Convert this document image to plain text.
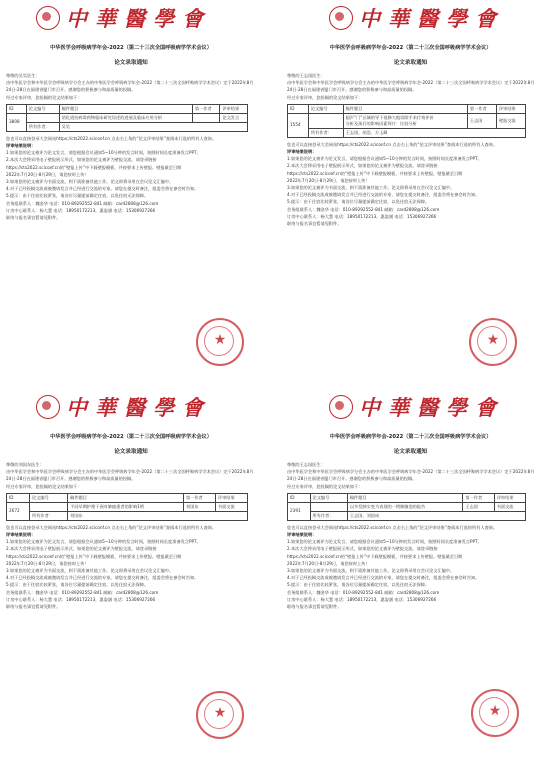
中華醫學會
中华医学会呼吸病学年会-2022（第二十三次全国呼吸病学学术会议）
论文录取通知

尊敬的吴昊医生：

由中华医学会和中华医学会呼吸病学分会主办的中华医学会呼吸病学年会-2022（第二十三次全国呼吸病学学术会议）定于2022年8月24日-28日在福建省厦门市召开。感谢您的积极参与和高质量的投稿。

经过专家评审，您投稿的论文结果如下：

ID	论文编号	稿件题目	第一作者	评审结果
3808		消化道抗病毒药物临床研究综述的进展及临床应用分析		论文发言
	所有作者：	吴昊		

您也可以直接登录大会网站https://cts2022.sciconf.cn 点击右上角的“论文评审结果”查阅本行选的所有人查询。

评审结果说明：

1.如果您的论文被评为论文发言，请您根据会议通知5~10分钟的发言时间，按照时间长度准备发言PPT。

2.本次大会将采用电子壁报展示形式，如果您的论文被评为壁报交流，请登录链接

https://cts2022.sciconf.cn的“壁报上传”中下载壁报模板，并按要求上传壁报。壁报截至日期

2022年7月20日-8月29日，请您按时上传！

3.如果您的论文被评为书面交流，则不需准备其他工作。论文即将录用在会议论文汇编中。

4.对于已经投稿交流或被邀请发言并已经进行交流的专家，请您在提交时备注，组委会将在参会时告知。

5.提示：由于住宿比较紧张，请各位尽量提前确定住宿，以免住宿无法保障。

会务组联系人：魏金华 电话：010-89292552-841 邮箱：card2808@126.com

订房中心联系人：杨大慧 电话：18950172213，惠姿涵 电话：15306927266

联络与报名事宜暂请见附件。

★
中華醫學會
中华医学会呼吸病学年会-2022（第二十三次全国呼吸病学学术会议）
论文录取通知

尊敬的王志国医生：

由中华医学会和中华医学会呼吸病学分会主办的中华医学会呼吸病学年会-2022（第二十三次全国呼吸病学学术会议）定于2022年8月24日-28日在福建省厦门市召开。感谢您的积极参与和高质量的投稿。

经过专家评审，您投稿的论文结果如下：

ID	论文编号	稿件题目	第一作者	评审结果
1554		超声“门”区域的导下视肺大疱切除手术疗效评价
分析及预后的影响因素探讨：比较分析	王志国	壁报交流
	所有作者：	王志国、胡浩、方玉峰		

您也可以直接登录大会网站https://cts2022.sciconf.cn 点击右上角的“论文评审结果”查阅本行选的所有人查询。

评审结果说明：

1.如果您的论文被评为论文发言，请您根据会议通知5~10分钟的发言时间，按照时间长度准备发言PPT。

2.本次大会将采用电子壁报展示形式，如果您的论文被评为壁报交流，请登录链接

https://cts2022.sciconf.cn的“壁报上传”中下载壁报模板，并按要求上传壁报。壁报截至日期

2022年7月20日-8月29日，请您按时上传！

3.如果您的论文被评为书面交流，则不需准备其他工作。论文即将录用在会议论文汇编中。

4.对于已经投稿交流或被邀请发言并已经进行交流的专家，请您在提交时备注，组委会将在参会时告知。

5.提示：由于住宿比较紧张，请各位尽量提前确定住宿，以免住宿无法保障。

会务组联系人：魏金华 电话：010-89292552-841 邮箱：card2808@126.com

订房中心联系人：杨大慧 电话：18950172213，惠姿涵 电话：15306927266

联络与报名事宜暂请见附件。

★
中華醫學會
中华医学会呼吸病学年会-2022（第二十三次全国呼吸病学学术会议）
论文录取通知

尊敬的刘国东医生：

由中华医学会和中华医学会呼吸病学分会主办的中华医学会呼吸病学年会-2022（第二十三次全国呼吸病学学术会议）定于2022年8月24日-28日在福建省厦门市召开。感谢您的积极参与和高质量的投稿。

经过专家评审，您投稿的论文结果如下：

ID	论文编号	稿件题目	第一作者	评审结果
2672		不同早期护理干预对肺癌患者的影响1例	刘国东	书面交流
	所有作者：	刘国东		

您也可以直接登录大会网站https://cts2022.sciconf.cn 点击右上角的“论文评审结果”查阅本行选的所有人查询。

评审结果说明：

1.如果您的论文被评为论文发言，请您根据会议通知5~10分钟的发言时间，按照时间长度准备发言PPT。

2.本次大会将采用电子壁报展示形式，如果您的论文被评为壁报交流，请登录链接

https://cts2022.sciconf.cn的“壁报上传”中下载壁报模板，并按要求上传壁报。壁报截至日期

2022年7月20日-8月29日，请您按时上传！

3.如果您的论文被评为书面交流，则不需准备其他工作。论文即将录用在会议论文汇编中。

4.对于已经投稿交流或被邀请发言并已经进行交流的专家，请您在提交时备注，组委会将在参会时告知。

5.提示：由于住宿比较紧张，请各位尽量提前确定住宿，以免住宿无法保障。

会务组联系人：魏金华 电话：010-89292552-841 邮箱：card2808@126.com

订房中心联系人：杨大慧 电话：18950172213，惠姿涵 电话：15306927266

联络与报名事宜暂请见附件。

★
中華醫學會
中华医学会呼吸病学年会-2022（第二十三次全国呼吸病学学术会议）
论文录取通知

尊敬的王志国医生：

由中华医学会和中华医学会呼吸病学分会主办的中华医学会呼吸病学年会-2022（第二十三次全国呼吸病学学术会议）定于2022年8月24日-28日在福建省厦门市召开。感谢您的积极参与和高质量的投稿。

经过专家评审，您投稿的论文结果如下：

ID	论文编号	稿件题目	第一作者	评审结果
2391		以多发肺实变为表现的一例肺腺泡的报告	王志国	书面交流
	所有作者：	王志国、刘国成		

您也可以直接登录大会网站https://cts2022.sciconf.cn 点击右上角的“论文评审结果”查阅本行选的所有人查询。

评审结果说明：

1.如果您的论文被评为论文发言，请您根据会议通知5~10分钟的发言时间，按照时间长度准备发言PPT。

2.本次大会将采用电子壁报展示形式，如果您的论文被评为壁报交流，请登录链接

https://cts2022.sciconf.cn的“壁报上传”中下载壁报模板，并按要求上传壁报。壁报截至日期

2022年7月20日-8月29日，请您按时上传！

3.如果您的论文被评为书面交流，则不需准备其他工作。论文即将录用在会议论文汇编中。

4.对于已经投稿交流或被邀请发言并已经进行交流的专家，请您在提交时备注，组委会将在参会时告知。

5.提示：由于住宿比较紧张，请各位尽量提前确定住宿，以免住宿无法保障。

会务组联系人：魏金华 电话：010-89292552-841 邮箱：card2808@126.com

订房中心联系人：杨大慧 电话：18950172213，惠姿涵 电话：15306927266

联络与报名事宜暂请见附件。

★
